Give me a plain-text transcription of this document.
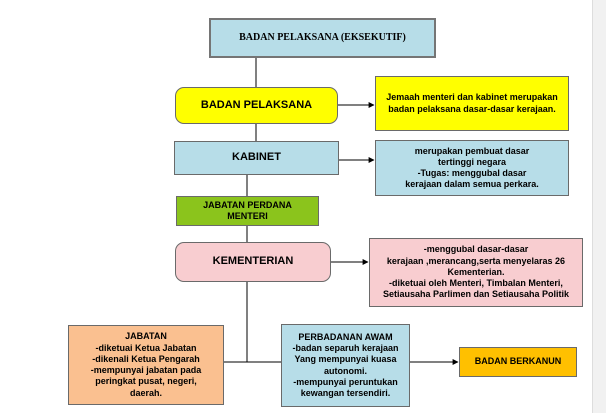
BADAN PELAKSANA (EKSEKUTIF)
BADAN PELAKSANA
Jemaah menteri dan kabinet merupakan
badan pelaksana dasar-dasar kerajaan.
KABINET
merupakan pembuat dasar
tertinggi negara
-Tugas: menggubal dasar
kerajaan dalam semua perkara.
JABATAN PERDANA
MENTERI
KEMENTERIAN
-menggubal dasar-dasar
kerajaan ,merancang,serta menyelaras 26
Kementerian.
-diketuai oleh Menteri, Timbalan Menteri,
Setiausaha Parlimen dan Setiausaha Politik
JABATAN
-diketuai Ketua Jabatan
-dikenali Ketua Pengarah
-mempunyai jabatan pada
peringkat pusat, negeri,
daerah.
PERBADANAN AWAM
-badan separuh kerajaan
Yang mempunyai kuasa
autonomi.
-mempunyai peruntukan
kewangan tersendiri.
BADAN BERKANUN
